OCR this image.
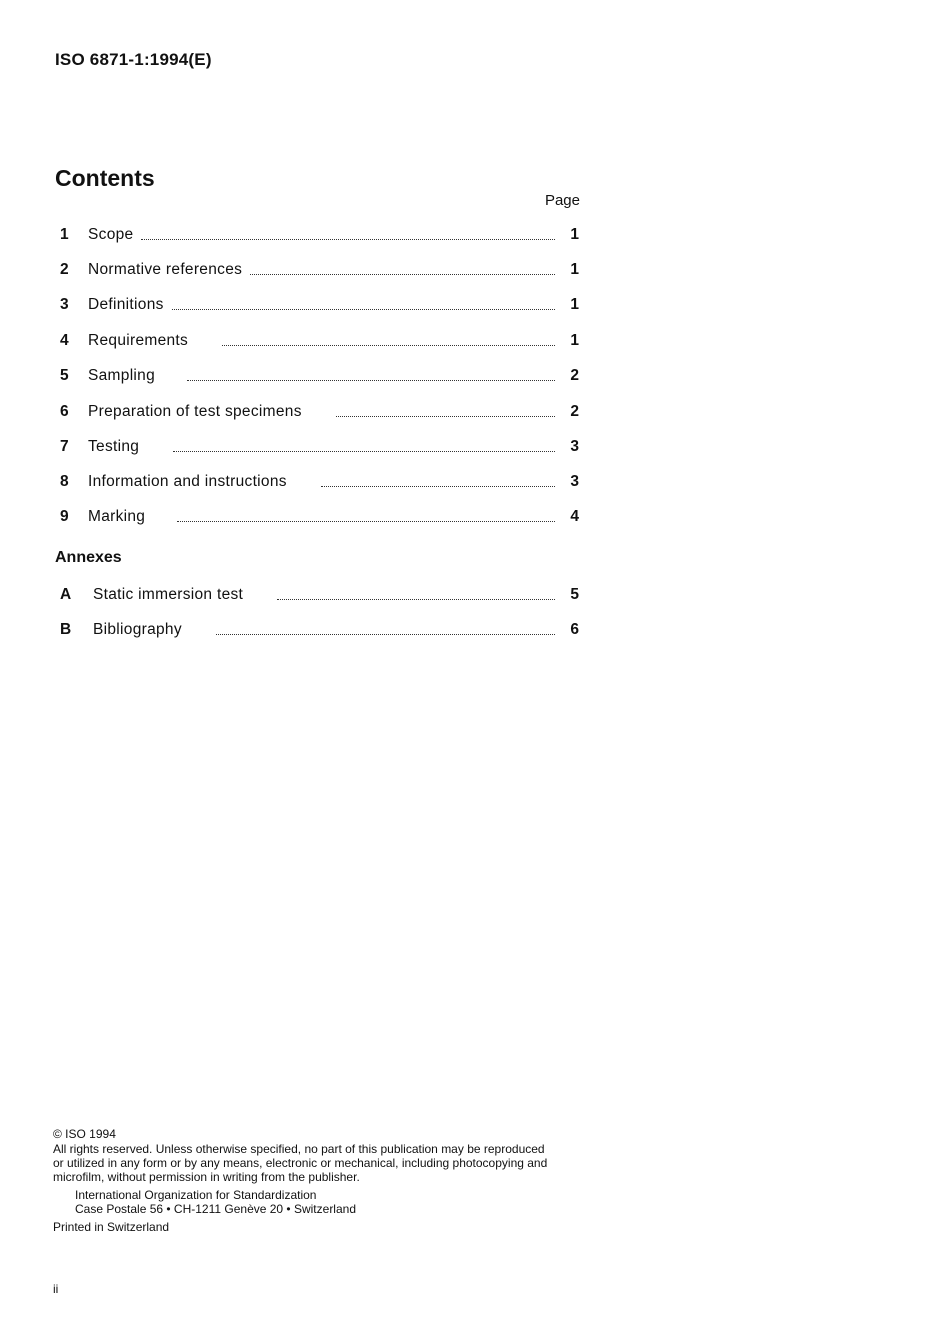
ISO 6871-1:1994(E)
Contents
Page
1	Scope	1
2	Normative references	1
3	Definitions	1
4	Requirements	1
5	Sampling	2
6	Preparation of test specimens	2
7	Testing	3
8	Information and instructions	3
9	Marking	4
Annexes
A	Static immersion test	5
B	Bibliography	6
© ISO 1994
All rights reserved. Unless otherwise specified, no part of this publication may be reproduced
or utilized in any form or by any means, electronic or mechanical, including photocopying and
microfilm, without permission in writing from the publisher.
International Organization for Standardization
Case Postale 56 • CH-1211 Genève 20 • Switzerland
Printed in Switzerland
ii
